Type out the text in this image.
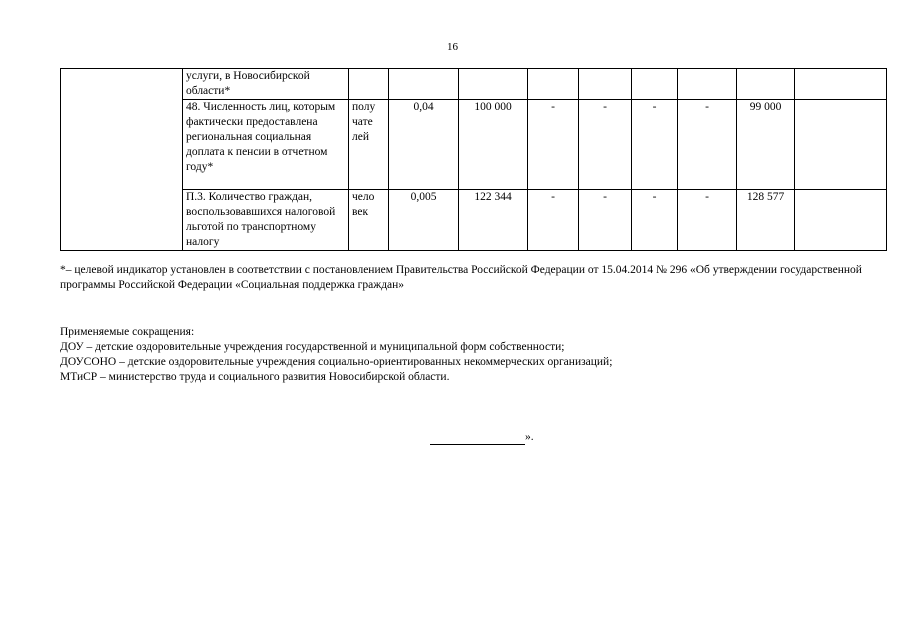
16
	услуги, в Новосибирской области*									
	48. Численность лиц, которым фактически предоставлена региональная социальная доплата к пенсии в отчетном году*	полу чате лей	0,04	100 000	-	-	-	-	99 000	
	П.3. Количество граждан, воспользовавшихся налоговой льготой по транспортному налогу	чело век	0,005	122 344	-	-	-	-	128 577	
*– целевой индикатор установлен в соответствии с постановлением Правительства Российской Федерации от 15.04.2014 № 296 «Об утверждении государственной программы Российской Федерации «Социальная поддержка граждан»
Применяемые сокращения:
ДОУ – детские оздоровительные учреждения государственной и муниципальной форм собственности;
ДОУСОНО – детские оздоровительные учреждения социально-ориентированных некоммерческих организаций;
МТиСР – министерство труда и социального развития Новосибирской области.
».
